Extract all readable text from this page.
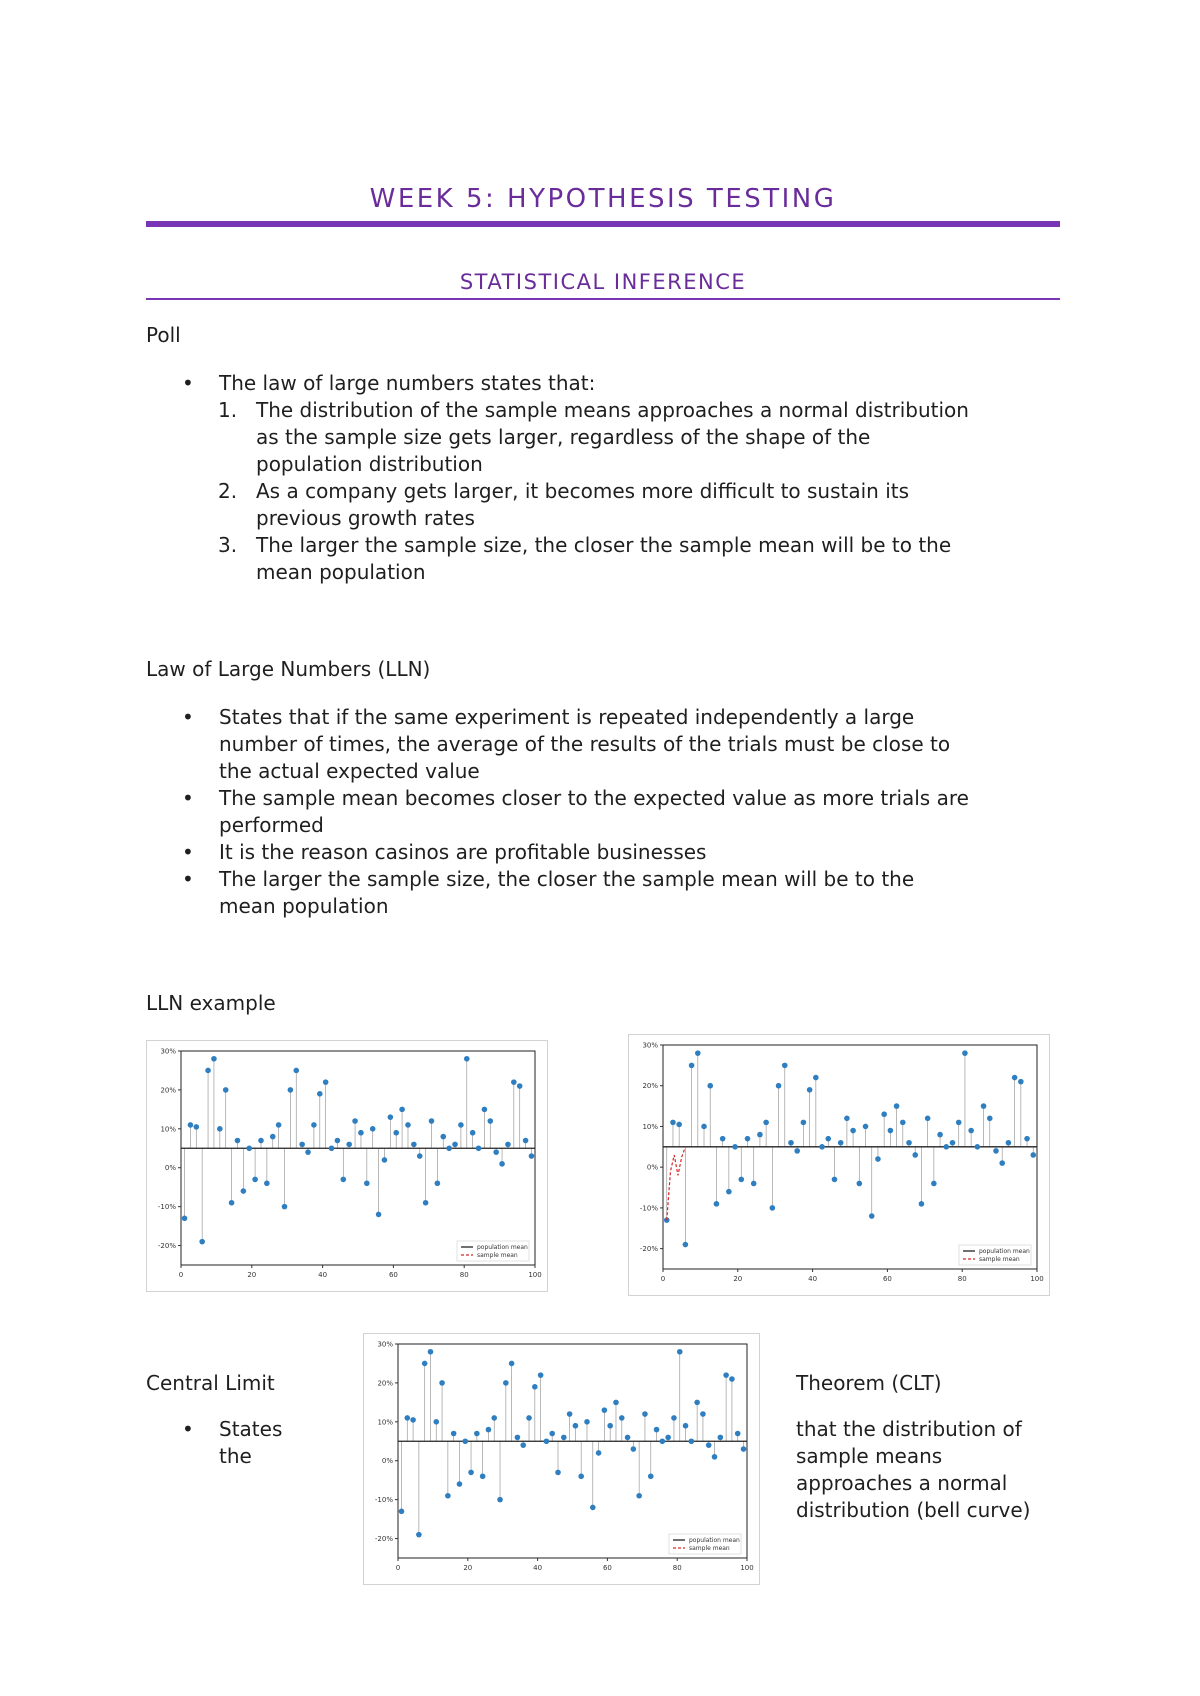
WEEK 5: HYPOTHESIS TESTING
STATISTICAL INFERENCE
Poll
• The law of large numbers states that:
1. The distribution of the sample means approaches a normal distribution
as the sample size gets larger, regardless of the shape of the
population distribution
2. As a company gets larger, it becomes more difficult to sustain its
previous growth rates
3. The larger the sample size, the closer the sample mean will be to the
mean population
Law of Large Numbers (LLN)
• States that if the same experiment is repeated independently a large
number of times, the average of the results of the trials must be close to
the actual expected value
• The sample mean becomes closer to the expected value as more trials are
performed
• It is the reason casinos are profitable businesses
• The larger the sample size, the closer the sample mean will be to the
mean population
LLN example
30%
20%
10%
0%
-10%
-20%
0	20	40	60	80	100
population mean
sample mean
30%
20%
10%
0%
-10%
-20%
0	20	40	60	80	100
population mean
sample mean
30%
20%
10%
0%
-10%
-20%
0	20	40	60	80	100
population mean
sample mean
Central Limit	Theorem (CLT)
• States
the
that the distribution of
sample means
approaches a normal
distribution (bell curve)
